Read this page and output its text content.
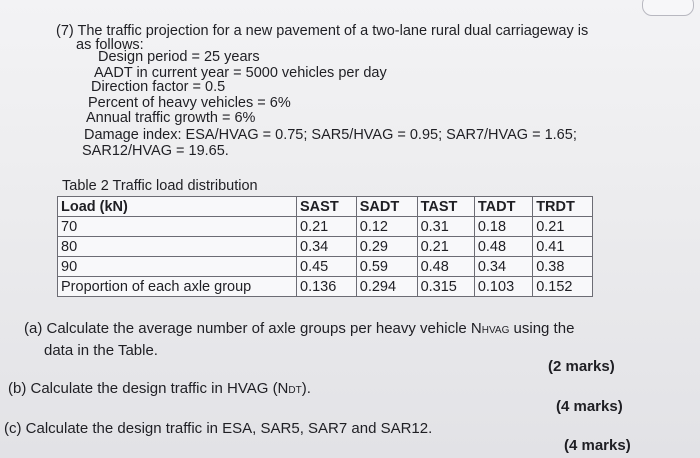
(7) The traffic projection for a new pavement of a two-lane rural dual carriageway is
as follows:
Design period = 25 years
AADT in current year = 5000 vehicles per day
Direction factor = 0.5
Percent of heavy vehicles = 6%
Annual traffic growth = 6%
Damage index: ESA/HVAG = 0.75; SAR5/HVAG = 0.95; SAR7/HVAG = 1.65;
SAR12/HVAG = 19.65.
Table 2 Traffic load distribution
Load (kN)	SAST	SADT	TAST	TADT	TRDT
70	0.21	0.12	0.31	0.18	0.21
80	0.34	0.29	0.21	0.48	0.41
90	0.45	0.59	0.48	0.34	0.38
Proportion of each axle group	0.136	0.294	0.315	0.103	0.152
(a) Calculate the average number of axle groups per heavy vehicle NHVAG using the
data in the Table.
(2 marks)
(b) Calculate the design traffic in HVAG (NDT).
(4 marks)
(c) Calculate the design traffic in ESA, SAR5, SAR7 and SAR12.
(4 marks)
